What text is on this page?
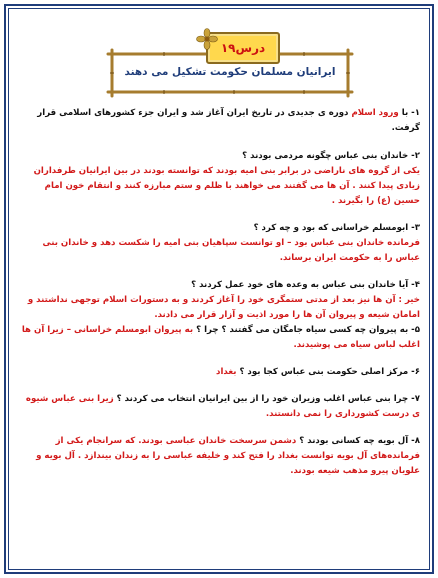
درس۱۹
ایرانیان مسلمان حکومت تشکیل می دهند

۱- با ورود اسلام دوره ی جدیدی در تاریخ ایران آغاز شد و ایران جزء کشورهای اسلامی قرار گرفت.

۲- خاندان بنی عباس چگونه مردمی بودند ؟

یکی از گروه های ناراضی در برابر بنی امیه بودند که توانسته بودند در بین ایرانیان طرفداران زیادی پیدا کنند . آن ها می گفتند می خواهند با ظلم و ستم مبارزه کنند و انتقام خون امام حسین (ع) را بگیرند .

۳- ابومسلم خراسانی که بود و چه کرد ؟

فرمانده خاندان بنی عباس بود – او توانست سپاهیان بنی امیه را شکست دهد و خاندان بنی عباس را به حکومت ایران برساند.

۴- آیا خاندان بنی عباس به وعده های خود عمل کردند ؟

خیر : آن ها نیز بعد از مدتی ستمگری خود را آغاز کردند و به دستورات اسلام توجهی نداشتند و امامان شیعه و پیروان آن ها را مورد اذیت و آزار قرار می دادند.

۵- به پیروان چه کسی سیاه جامگان می گفتند ؟ چرا ؟ به پیروان ابومسلم خراسانی – زیرا آن ها اغلب لباس سیاه می پوشیدند.

۶- مرکز اصلی حکومت بنی عباس کجا بود ؟ بغداد

۷- چرا بنی عباس اغلب وزیران خود را از بین ایرانیان انتخاب می کردند ؟ زیرا بنی عباس شیوه ی درست کشورداری را نمی دانستند.

۸- آل بویه چه کسانی بودند ؟ دشمن سرسخت خاندان عباسی بودند. که سرانجام یکی از فرمانده‌های آل بویه توانست بغداد را فتح کند و خلیفه عباسی را به زندان بیندازد . آل بویه و علویان پیرو مذهب شیعه بودند.
